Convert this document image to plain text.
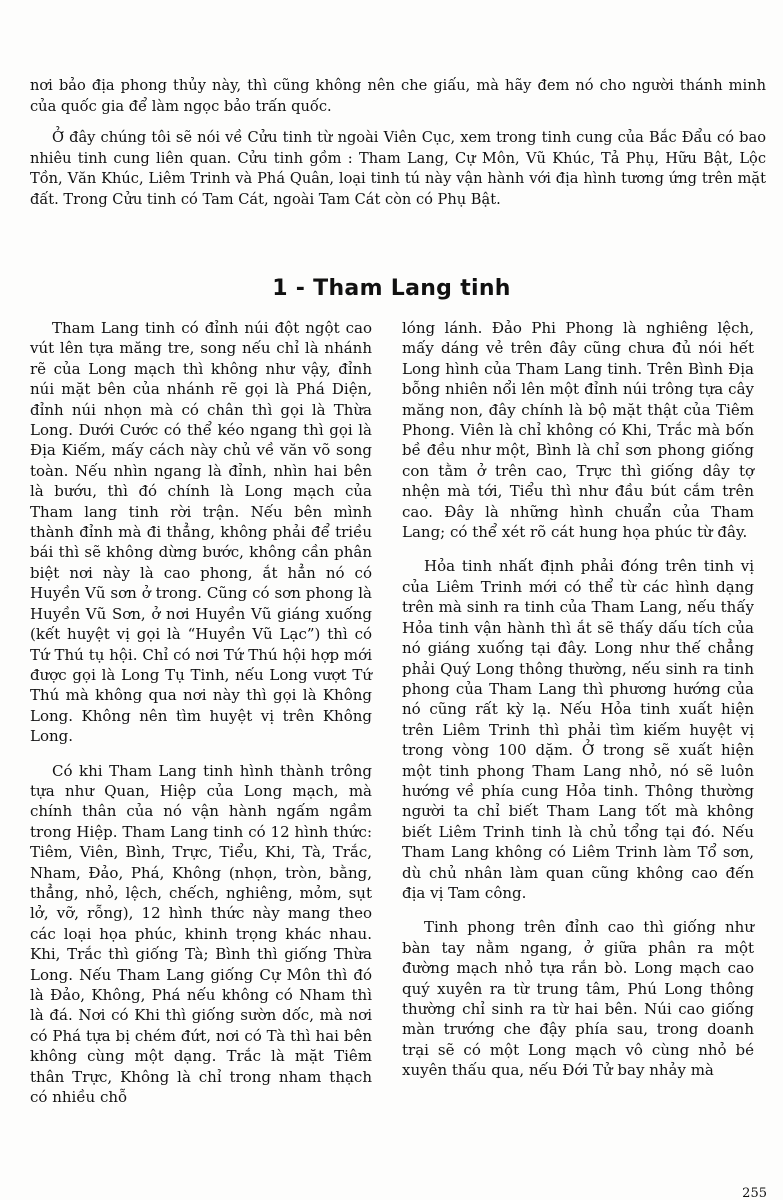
nơi bảo địa phong thủy này, thì cũng không nên che giấu, mà hãy đem nó cho người thánh minh của quốc gia để làm ngọc bảo trấn quốc.

Ở đây chúng tôi sẽ nói về Cửu tinh từ ngoài Viên Cục, xem trong tinh cung của Bắc Đẩu có bao nhiêu tinh cung liên quan. Cửu tinh gồm : Tham Lang, Cự Môn, Vũ Khúc, Tả Phụ, Hữu Bật, Lộc Tồn, Văn Khúc, Liêm Trinh và Phá Quân, loại tinh tú này vận hành với địa hình tương ứng trên mặt đất. Trong Cửu tinh có Tam Cát, ngoài Tam Cát còn có Phụ Bật.

1 - Tham Lang tinh

Tham Lang tinh có đỉnh núi đột ngột cao vút lên tựa măng tre, song nếu chỉ là nhánh rẽ của Long mạch thì không như vậy, đỉnh núi mặt bên của nhánh rẽ gọi là Phá Diện, đỉnh núi nhọn mà có chân thì gọi là Thừa Long. Dưới Cước có thể kéo ngang thì gọi là Địa Kiếm, mấy cách này chủ về văn võ song toàn. Nếu nhìn ngang là đỉnh, nhìn hai bên là bướu, thì đó chính là Long mạch của Tham lang tinh rời trận. Nếu bên mình thành đỉnh mà đi thẳng, không phải để triều bái thì sẽ không dừng bước, không cần phân biệt nơi này là cao phong, ắt hẳn nó có Huyền Vũ sơn ở trong. Cũng có sơn phong là Huyền Vũ Sơn, ở nơi Huyền Vũ giáng xuống (kết huyệt vị gọi là “Huyền Vũ Lạc”) thì có Tứ Thú tụ hội. Chỉ có nơi Tứ Thú hội hợp mới được gọi là Long Tụ Tinh, nếu Long vượt Tứ Thú mà không qua nơi này thì gọi là Không Long. Không nên tìm huyệt vị trên Không Long.

Có khi Tham Lang tinh hình thành trông tựa như Quan, Hiệp của Long mạch, mà chính thân của nó vận hành ngấm ngầm trong Hiệp. Tham Lang tinh có 12 hình thức: Tiêm, Viên, Bình, Trực, Tiểu, Khi, Tà, Trắc, Nham, Đảo, Phá, Không (nhọn, tròn, bằng, thẳng, nhỏ, lệch, chếch, nghiêng, mỏm, sụt lở, vỡ, rỗng), 12 hình thức này mang theo các loại họa phúc, khinh trọng khác nhau. Khi, Trắc thì giống Tà; Bình thì giống Thừa Long. Nếu Tham Lang giống Cự Môn thì đó là Đảo, Không, Phá nếu không có Nham thì là đá. Nơi có Khi thì giống sườn dốc, mà nơi có Phá tựa bị chém đứt, nơi có Tà thì hai bên không cùng một dạng. Trắc là mặt Tiêm thân Trực, Không là chỉ trong nham thạch có nhiều chỗ

lóng lánh. Đảo Phi Phong là nghiêng lệch, mấy dáng vẻ trên đây cũng chưa đủ nói hết Long hình của Tham Lang tinh. Trên Bình Địa bỗng nhiên nổi lên một đỉnh núi trông tựa cây măng non, đây chính là bộ mặt thật của Tiêm Phong. Viên là chỉ không có Khi, Trắc mà bốn bề đều như một, Bình là chỉ sơn phong giống con tằm ở trên cao, Trực thì giống dây tợ nhện mà tới, Tiểu thì như đầu bút cắm trên cao. Đây là những hình chuẩn của Tham Lang; có thể xét rõ cát hung họa phúc từ đây.

Hỏa tinh nhất định phải đóng trên tinh vị của Liêm Trinh mới có thể từ các hình dạng trên mà sinh ra tinh của Tham Lang, nếu thấy Hỏa tinh vận hành thì ắt sẽ thấy dấu tích của nó giáng xuống tại đây. Long như thế chẳng phải Quý Long thông thường, nếu sinh ra tinh phong của Tham Lang thì phương hướng của nó cũng rất kỳ lạ. Nếu Hỏa tinh xuất hiện trên Liêm Trinh thì phải tìm kiếm huyệt vị trong vòng 100 dặm. Ở trong sẽ xuất hiện một tinh phong Tham Lang nhỏ, nó sẽ luôn hướng về phía cung Hỏa tinh. Thông thường người ta chỉ biết Tham Lang tốt mà không biết Liêm Trinh tinh là chủ tổng tại đó. Nếu Tham Lang không có Liêm Trinh làm Tổ sơn, dù chủ nhân làm quan cũng không cao đến địa vị Tam công.

Tinh phong trên đỉnh cao thì giống như bàn tay nằm ngang, ở giữa phân ra một đường mạch nhỏ tựa rắn bò. Long mạch cao quý xuyên ra từ trung tâm, Phú Long thông thường chỉ sinh ra từ hai bên. Núi cao giống màn trướng che đậy phía sau, trong doanh trại sẽ có một Long mạch vô cùng nhỏ bé xuyên thấu qua, nếu Đới Tử bay nhảy mà

255
